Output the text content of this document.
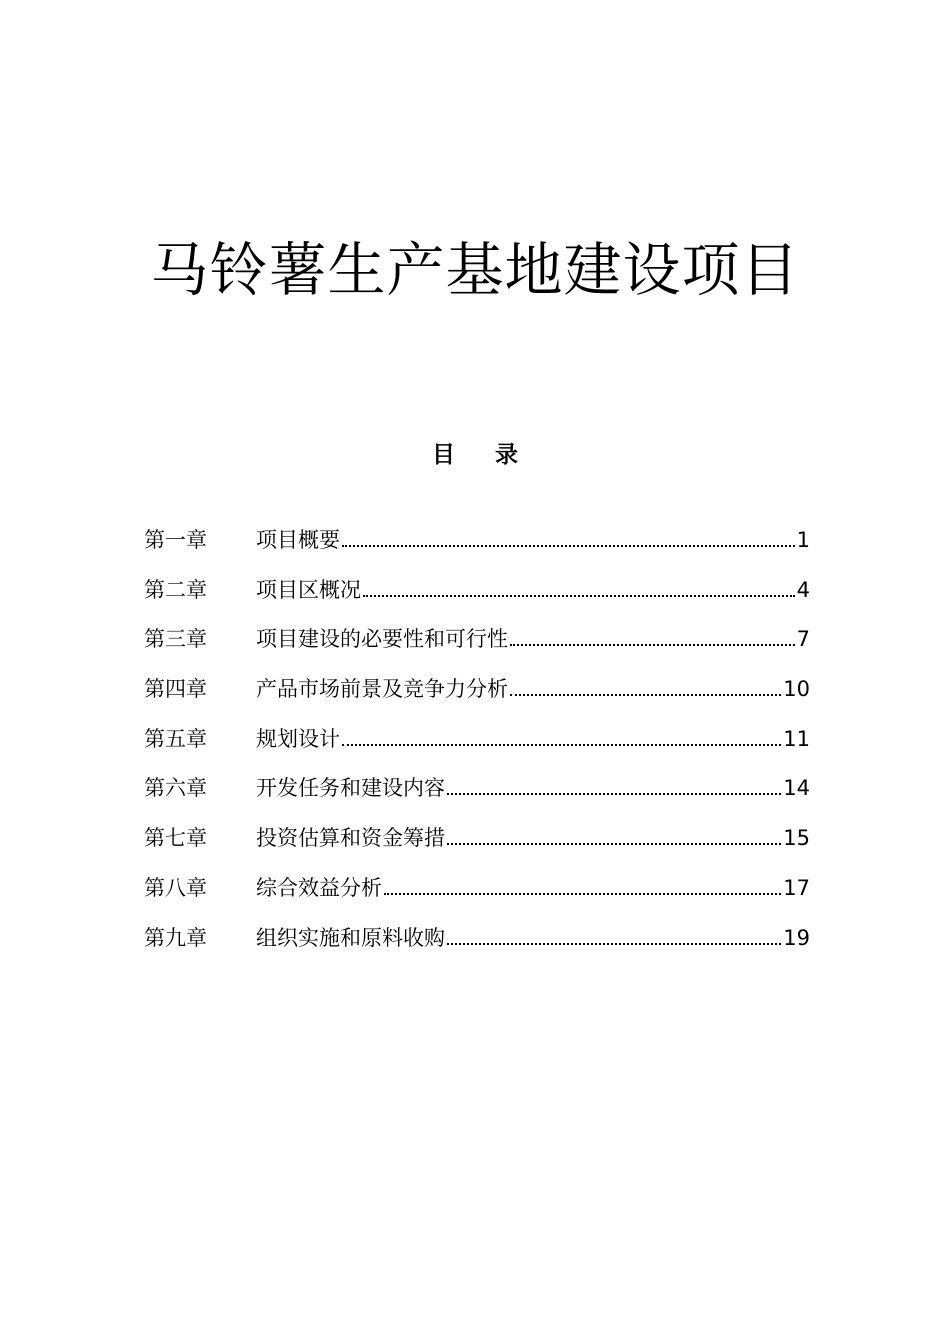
马铃薯生产基地建设项目
目 录
第一章	项目概要	1
第二章	项目区概况	4
第三章	项目建设的必要性和可行性	7
第四章	产品市场前景及竞争力分析	10
第五章	规划设计	11
第六章	开发任务和建设内容	14
第七章	投资估算和资金筹措	15
第八章	综合效益分析	17
第九章	组织实施和原料收购	19
